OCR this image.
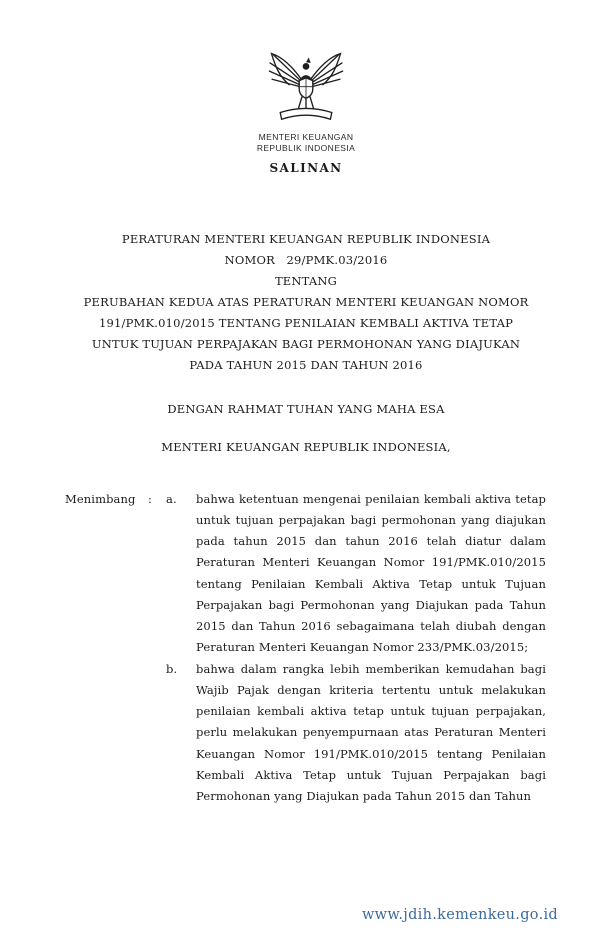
MENTERI KEUANGAN
REPUBLIK INDONESIA
SALINAN
PERATURAN MENTERI KEUANGAN REPUBLIK INDONESIA
NOMOR   29/PMK.03/2016
TENTANG
PERUBAHAN KEDUA ATAS PERATURAN MENTERI KEUANGAN NOMOR 191/PMK.010/2015 TENTANG PENILAIAN KEMBALI AKTIVA TETAP UNTUK TUJUAN PERPAJAKAN BAGI PERMOHONAN YANG DIAJUKAN PADA TAHUN 2015 DAN TAHUN 2016
DENGAN RAHMAT TUHAN YANG MAHA ESA
MENTERI KEUANGAN REPUBLIK INDONESIA,
Menimbang	:	a.	bahwa ketentuan mengenai penilaian kembali aktiva tetap untuk tujuan perpajakan bagi permohonan yang diajukan pada tahun 2015 dan tahun 2016 telah diatur dalam Peraturan Menteri Keuangan Nomor 191/PMK.010/2015 tentang Penilaian Kembali Aktiva Tetap untuk Tujuan Perpajakan bagi Permohonan yang Diajukan pada Tahun 2015 dan Tahun 2016 sebagaimana telah diubah dengan Peraturan Menteri Keuangan Nomor 233/PMK.03/2015;
b.	bahwa dalam rangka lebih memberikan kemudahan bagi Wajib Pajak dengan kriteria tertentu untuk melakukan penilaian kembali aktiva tetap untuk tujuan perpajakan, perlu melakukan penyempurnaan atas Peraturan Menteri Keuangan Nomor 191/PMK.010/2015 tentang Penilaian Kembali Aktiva Tetap untuk Tujuan Perpajakan bagi Permohonan yang Diajukan pada Tahun 2015 dan Tahun
www.jdih.kemenkeu.go.id
